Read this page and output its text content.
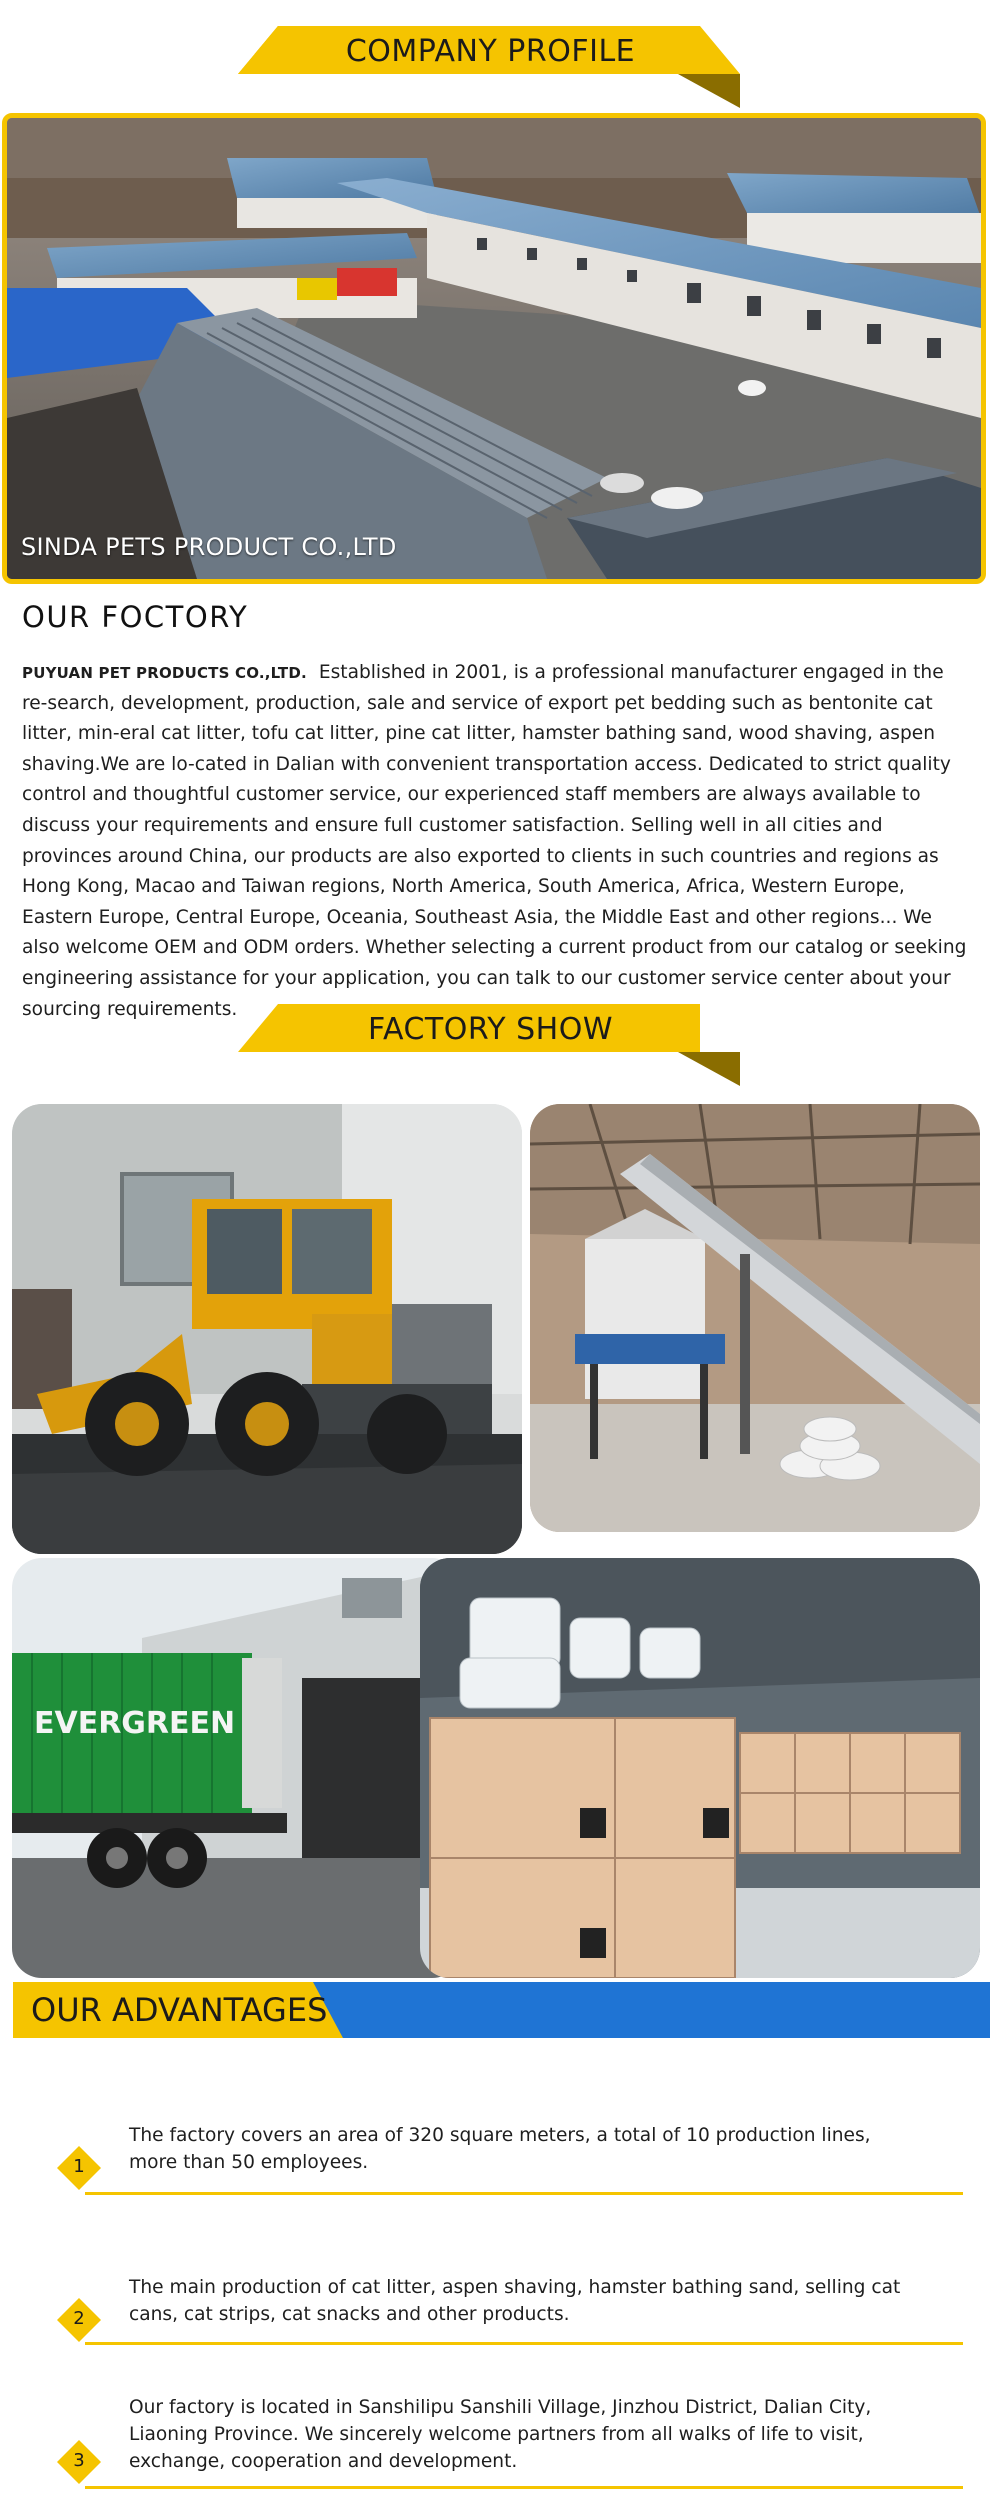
COMPANY PROFILE
SINDA PETS PRODUCT CO.,LTD
OUR FOCTORY
PUYUAN PET PRODUCTS CO.,LTD. Established in 2001, is a professional manufacturer engaged in the re-search, development, production, sale and service of export pet bedding such as bentonite cat litter, min-eral cat litter, tofu cat litter, pine cat litter, hamster bathing sand, wood shaving, aspen shaving.We are lo-cated in Dalian with convenient transportation access. Dedicated to strict quality control and thoughtful customer service, our experienced staff members are always available to discuss your requirements and ensure full customer satisfaction. Selling well in all cities and provinces around China, our products are also exported to clients in such countries and regions as Hong Kong, Macao and Taiwan regions, North America, South America, Africa, Western Europe, Eastern Europe, Central Europe, Oceania, Southeast Asia, the Middle East and other regions... We also welcome OEM and ODM orders. Whether selecting a current product from our catalog or seeking engineering assistance for your application, you can talk to our customer service center about your sourcing requirements.
FACTORY SHOW
EVERGREEN
OUR ADVANTAGES
The factory covers an area of 320 square meters, a total of 10 production lines, more than 50 employees.
1
The main production of cat litter, aspen shaving, hamster bathing sand, selling cat cans, cat strips, cat snacks and other products.
2
Our factory is located in Sanshilipu Sanshili Village, Jinzhou District, Dalian City, Liaoning Province. We sincerely welcome partners from all walks of life to visit, exchange, cooperation and development.
3
